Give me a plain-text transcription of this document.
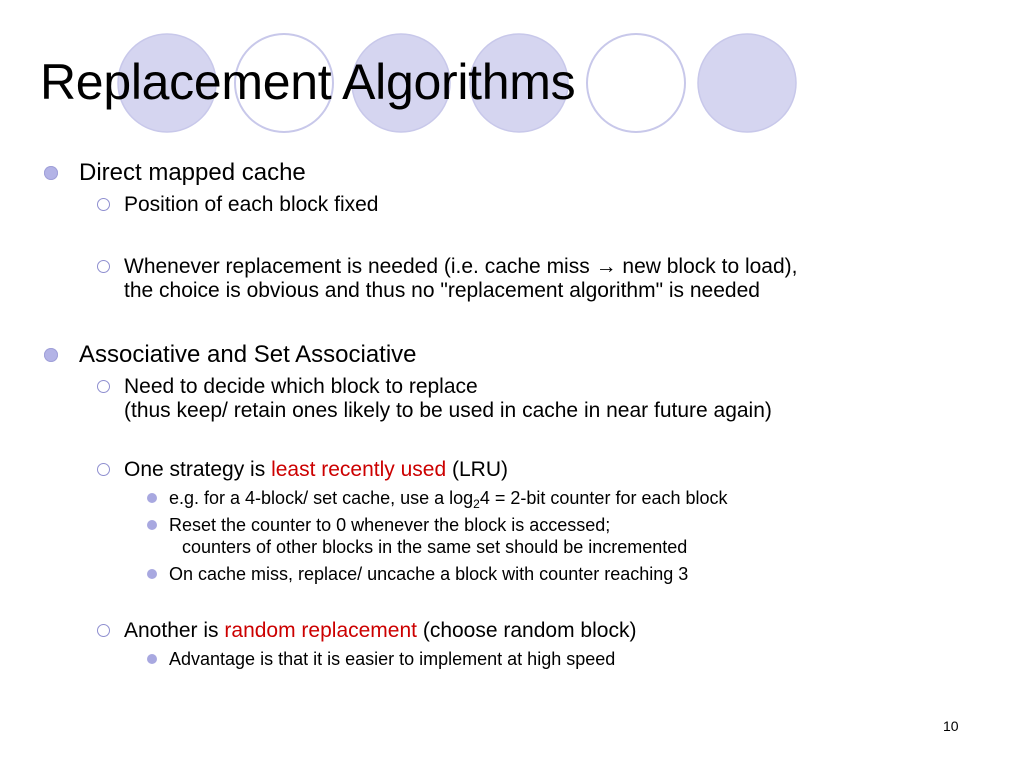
Replacement Algorithms
Direct mapped cache
Position of each block fixed
Whenever replacement is needed (i.e. cache miss → new block to load),
the choice is obvious and thus no "replacement algorithm" is needed
Associative and Set Associative
Need to decide which block to replace
(thus keep/ retain ones likely to be used in cache in near future again)
One strategy is least recently used (LRU)
e.g. for a 4-block/ set cache, use a $\log_24 = 2-bit$ counter for each block
Reset the counter to 0 whenever the block is accessed;
counters of other blocks in the same set should be incremented
On cache miss, replace/ uncache a block with counter reaching 3
Another is random replacement (choose random block)
Advantage is that it is easier to implement at high speed
10
